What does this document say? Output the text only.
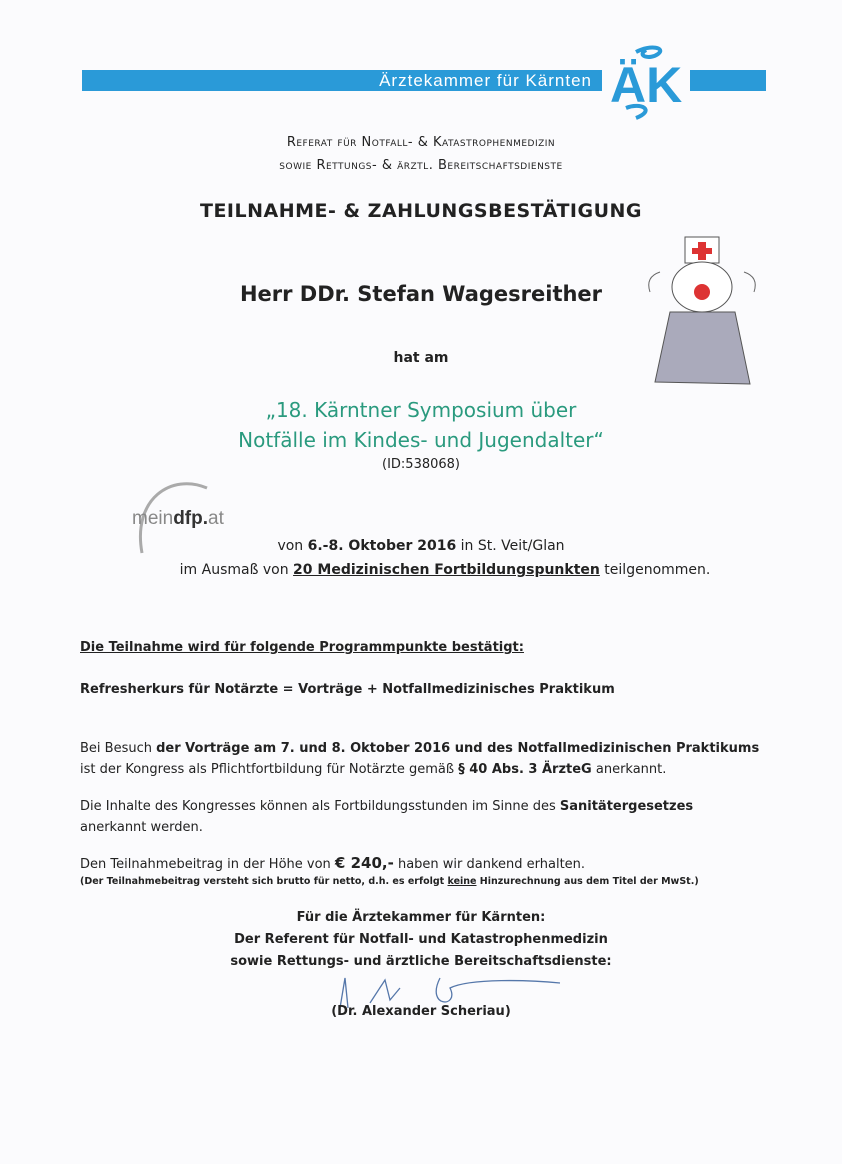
Ärztekammer für Kärnten ÄK
Referat für Notfall- & Katastrophenmedizin
sowie Rettungs- & ärztl. Bereitschaftsdienste
TEILNAHME- & ZAHLUNGSBESTÄTIGUNG
Herr DDr. Stefan Wagesreither
hat am
„18. Kärntner Symposium über
Notfälle im Kindes- und Jugendalter“
(ID:538068)
meindfp.at
von 6.-8. Oktober 2016 in St. Veit/Glan
im Ausmaß von 20 Medizinischen Fortbildungspunkten teilgenommen.
Die Teilnahme wird für folgende Programmpunkte bestätigt:
Refresherkurs für Notärzte = Vorträge + Notfallmedizinisches Praktikum
Bei Besuch der Vorträge am 7. und 8. Oktober 2016 und des Notfallmedizinischen Praktikums
ist der Kongress als Pflichtfortbildung für Notärzte gemäß § 40 Abs. 3 ÄrzteG anerkannt.
Die Inhalte des Kongresses können als Fortbildungsstunden im Sinne des Sanitätergesetzes
anerkannt werden.
Den Teilnahmebeitrag in der Höhe von € 240,- haben wir dankend erhalten.
(Der Teilnahmebeitrag versteht sich brutto für netto, d.h. es erfolgt keine Hinzurechnung aus dem Titel der MwSt.)
Für die Ärztekammer für Kärnten:
Der Referent für Notfall- und Katastrophenmedizin
sowie Rettungs- und ärztliche Bereitschaftsdienste:
(Dr. Alexander Scheriau)
